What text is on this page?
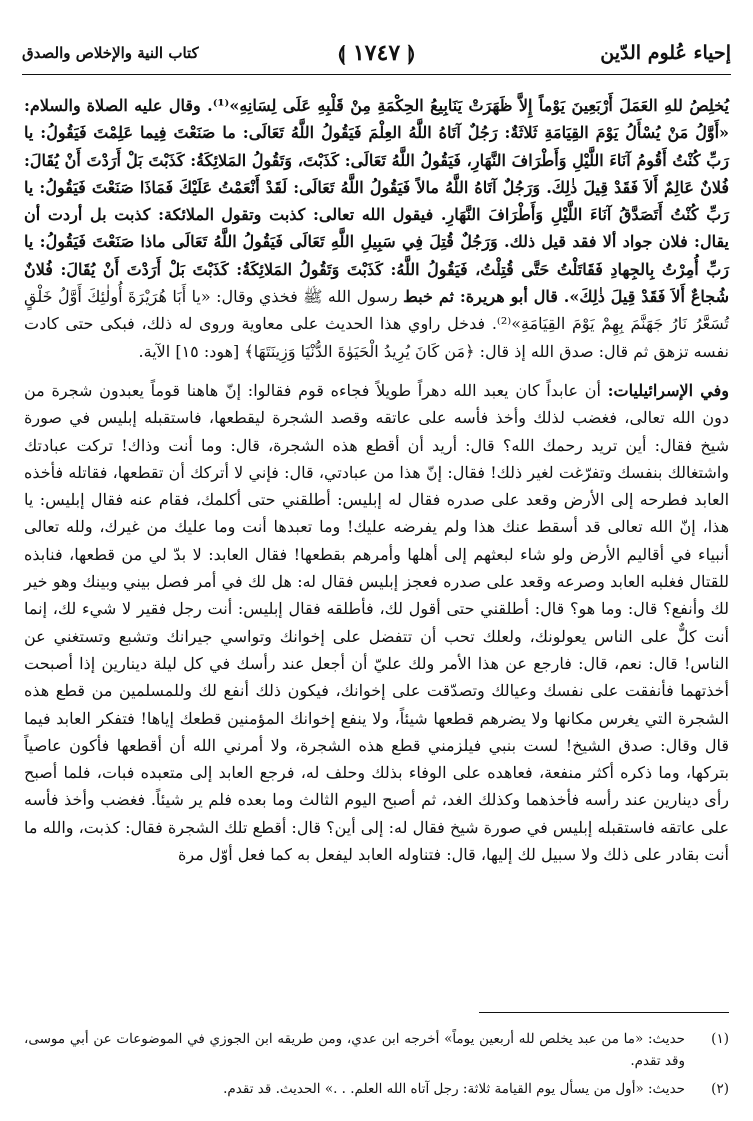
إحياء عُلوم الدّين
⟬ ١٧٤٧ ⟭
كتاب النية والإخلاص والصدق

يُخلِصُ للهِ العَمَلَ أَرْبَعِينَ يَوْماً إِلاَّ ظَهَرَتْ يَنَابِيعُ الحِكْمَةِ مِنْ قَلْبِهِ عَلَى لِسَانِهِ»⁽¹⁾. وقال عليه الصلاة والسلام: «أَوَّلُ مَنْ يُسْأَلُ يَوْمَ القِيَامَةِ ثَلاثَةٌ: رَجُلٌ آتَاهُ اللَّهُ العِلْمَ فَيَقُولُ اللَّهُ تَعَالَى: ما صَنَعْتَ فِيما عَلِمْتَ فَيَقُولُ: يا رَبِّ كُنْتُ أَقُومُ آنَاءَ اللَّيْلِ وَأَطْرَافَ النَّهَارِ، فَيَقُولُ اللَّهُ تَعَالَى: كَذَبْتَ، وَتَقُولُ المَلائِكَةُ: كَذَبْتَ بَلْ أَرَدْتَ أَنْ يُقَالَ: فُلانٌ عَالِمٌ أَلاَ فَقَدْ قِيلَ ذٰلِكَ. وَرَجُلٌ آتَاهُ اللَّهُ مالاً فَيَقُولُ اللَّهُ تَعَالَى: لَقَدْ أَنْعَمْتُ عَلَيْكَ فَمَاذَا صَنَعْتَ فَيَقُولُ: يا رَبِّ كُنْتُ أَتَصَدَّقُ آنَاءَ اللَّيْلِ وَأَطْرَافَ النَّهَارِ. فيقول الله تعالى: كذبت وتقول الملائكة: كذبت بل أردت أن يقال: فلان جواد ألا فقد قيل ذلك. وَرَجُلٌ قُتِلَ فِي سَبِيلِ اللَّهِ تَعَالَى فَيَقُولُ اللَّهُ تَعَالَى ماذا صَنَعْتَ فَيَقُولُ: يا رَبِّ أُمِرْتُ بِالجِهادِ فَقَاتَلْتُ حَتَّى قُتِلْتُ، فَيَقُولُ اللَّهُ: كَذَبْتَ وَتَقُولُ المَلائِكَةُ: كَذَبْتَ بَلْ أَرَدْتَ أَنْ يُقَالَ: فُلانٌ شُجاعٌ أَلاَ فَقَدْ قِيلَ ذٰلِكَ». قال أبو هريرة: ثم خبط رسول الله ﷺ فخذي وقال: «يا أَبَا هُرَيْرَةَ أُولٰئِكَ أَوَّلُ خَلْقٍ تُسَعَّرُ نَارُ جَهَنَّمَ بِهِمْ يَوْمَ القِيَامَةِ»⁽²⁾. فدخل راوي هذا الحديث على معاوية وروى له ذلك، فبكى حتى كادت نفسه تزهق ثم قال: صدق الله إذ قال: ﴿مَن كَانَ يُرِيدُ الْحَيَوٰةَ الدُّنْيَا وَزِينَتَهَا﴾ [هود: ١٥] الآية.

وفي الإسرائيليات: أن عابداً كان يعبد الله دهراً طويلاً فجاءه قوم فقالوا: إنّ هاهنا قوماً يعبدون شجرة من دون الله تعالى، فغضب لذلك وأخذ فأسه على عاتقه وقصد الشجرة ليقطعها، فاستقبله إبليس في صورة شيخ فقال: أين تريد رحمك الله؟ قال: أريد أن أقطع هذه الشجرة، قال: وما أنت وذاك! تركت عبادتك واشتغالك بنفسك وتفرّغت لغير ذلك! فقال: إنّ هذا من عبادتي، قال: فإني لا أتركك أن تقطعها، فقاتله فأخذه العابد فطرحه إلى الأرض وقعد على صدره فقال له إبليس: أطلقني حتى أكلمك، فقام عنه فقال إبليس: يا هذا، إنّ الله تعالى قد أسقط عنك هذا ولم يفرضه عليك! وما تعبدها أنت وما عليك من غيرك، ولله تعالى أنبياء في أقاليم الأرض ولو شاء لبعثهم إلى أهلها وأمرهم بقطعها! فقال العابد: لا بدّ لي من قطعها، فنابذه للقتال فغلبه العابد وصرعه وقعد على صدره فعجز إبليس فقال له: هل لك في أمر فصل بيني وبينك وهو خير لك وأنفع؟ قال: وما هو؟ قال: أطلقني حتى أقول لك، فأطلقه فقال إبليس: أنت رجل فقير لا شيء لك، إنما أنت كلٌّ على الناس يعولونك، ولعلك تحب أن تتفضل على إخوانك وتواسي جيرانك وتشبع وتستغني عن الناس! قال: نعم، قال: فارجع عن هذا الأمر ولك عليّ أن أجعل عند رأسك في كل ليلة دينارين إذا أصبحت أخذتهما فأنفقت على نفسك وعيالك وتصدّقت على إخوانك، فيكون ذلك أنفع لك وللمسلمين من قطع هذه الشجرة التي يغرس مكانها ولا يضرهم قطعها شيئاً، ولا ينفع إخوانك المؤمنين قطعك إياها! فتفكر العابد فيما قال وقال: صدق الشيخ! لست بنبي فيلزمني قطع هذه الشجرة، ولا أمرني الله أن أقطعها فأكون عاصياً بتركها، وما ذكره أكثر منفعة، فعاهده على الوفاء بذلك وحلف له، فرجع العابد إلى متعبده فبات، فلما أصبح رأى دينارين عند رأسه فأخذهما وكذلك الغد، ثم أصبح اليوم الثالث وما بعده فلم ير شيئاً. فغضب وأخذ فأسه على عاتقه فاستقبله إبليس في صورة شيخ فقال له: إلى أين؟ قال: أقطع تلك الشجرة فقال: كذبت، والله ما أنت بقادر على ذلك ولا سبيل لك إليها، قال: فتناوله العابد ليفعل به كما فعل أوّل مرة

(١)
حديث: «ما من عبد يخلص لله أربعين يوماً» أخرجه ابن عدي، ومن طريقه ابن الجوزي في الموضوعات عن أبي موسى، وقد تقدم.
(٢)
حديث: «أول من يسأل يوم القيامة ثلاثة: رجل آتاه الله العلم. . .» الحديث. قد تقدم.
